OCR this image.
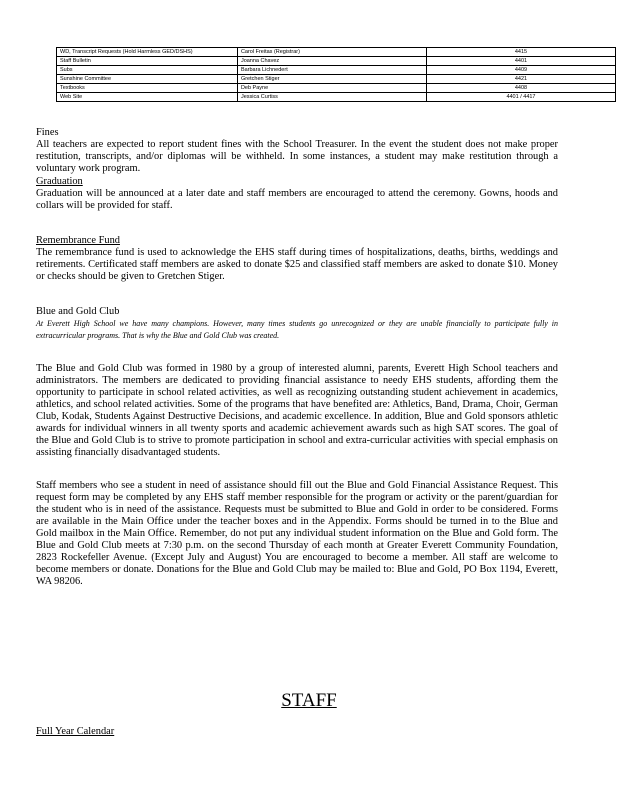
WD, Transcript Requests (Hold Harmless GED/DSHS)	Carol Freitas (Registrar)	4415
Staff Bulletin	Joanna Chavez	4401
Subs	Barbara Lichnedert	4409
Sunshine Committee	Gretchen Stiger	4421
Textbooks	Deb Payne	4408
Web Site	Jessica Curtiss	4401 / 4417
Fines

All teachers are expected to report student fines with the School Treasurer. In the event the student does not make proper restitution, transcripts, and/or diplomas will be withheld. In some instances, a student may make restitution through a voluntary work program.

Graduation

Graduation will be announced at a later date and staff members are encouraged to attend the ceremony. Gowns, hoods and collars will be provided for staff.

Remembrance Fund

The remembrance fund is used to acknowledge the EHS staff during times of hospitalizations, deaths, births, weddings and retirements. Certificated staff members are asked to donate $25 and classified staff members are asked to donate $10. Money or checks should be given to Gretchen Stiger.

Blue and Gold Club

At Everett High School we have many champions. However, many times students go unrecognized or they are unable financially to participate fully in extracurricular programs. That is why the Blue and Gold Club was created.

The Blue and Gold Club was formed in 1980 by a group of interested alumni, parents, Everett High School teachers and administrators. The members are dedicated to providing financial assistance to needy EHS students, affording them the opportunity to participate in school related activities, as well as recognizing outstanding student achievement in academics, athletics, and school related activities. Some of the programs that have benefited are: Athletics, Band, Drama, Choir, German Club, Kodak, Students Against Destructive Decisions, and academic excellence. In addition, Blue and Gold sponsors athletic awards for individual winners in all twenty sports and academic achievement awards such as high SAT scores. The goal of the Blue and Gold Club is to strive to promote participation in school and extra-curricular activities with special emphasis on assisting financially disadvantaged students.

Staff members who see a student in need of assistance should fill out the Blue and Gold Financial Assistance Request. This request form may be completed by any EHS staff member responsible for the program or activity or the parent/guardian for the student who is in need of the assistance. Requests must be submitted to Blue and Gold in order to be considered. Forms are available in the Main Office under the teacher boxes and in the Appendix. Forms should be turned in to the Blue and Gold mailbox in the Main Office. Remember, do not put any individual student information on the Blue and Gold form. The Blue and Gold Club meets at 7:30 p.m. on the second Thursday of each month at Greater Everett Community Foundation, 2823 Rockefeller Avenue. (Except July and August) You are encouraged to become a member. All staff are welcome to become members or donate. Donations for the Blue and Gold Club may be mailed to: Blue and Gold, PO Box 1194, Everett, WA 98206.

STAFF
Full Year Calendar
